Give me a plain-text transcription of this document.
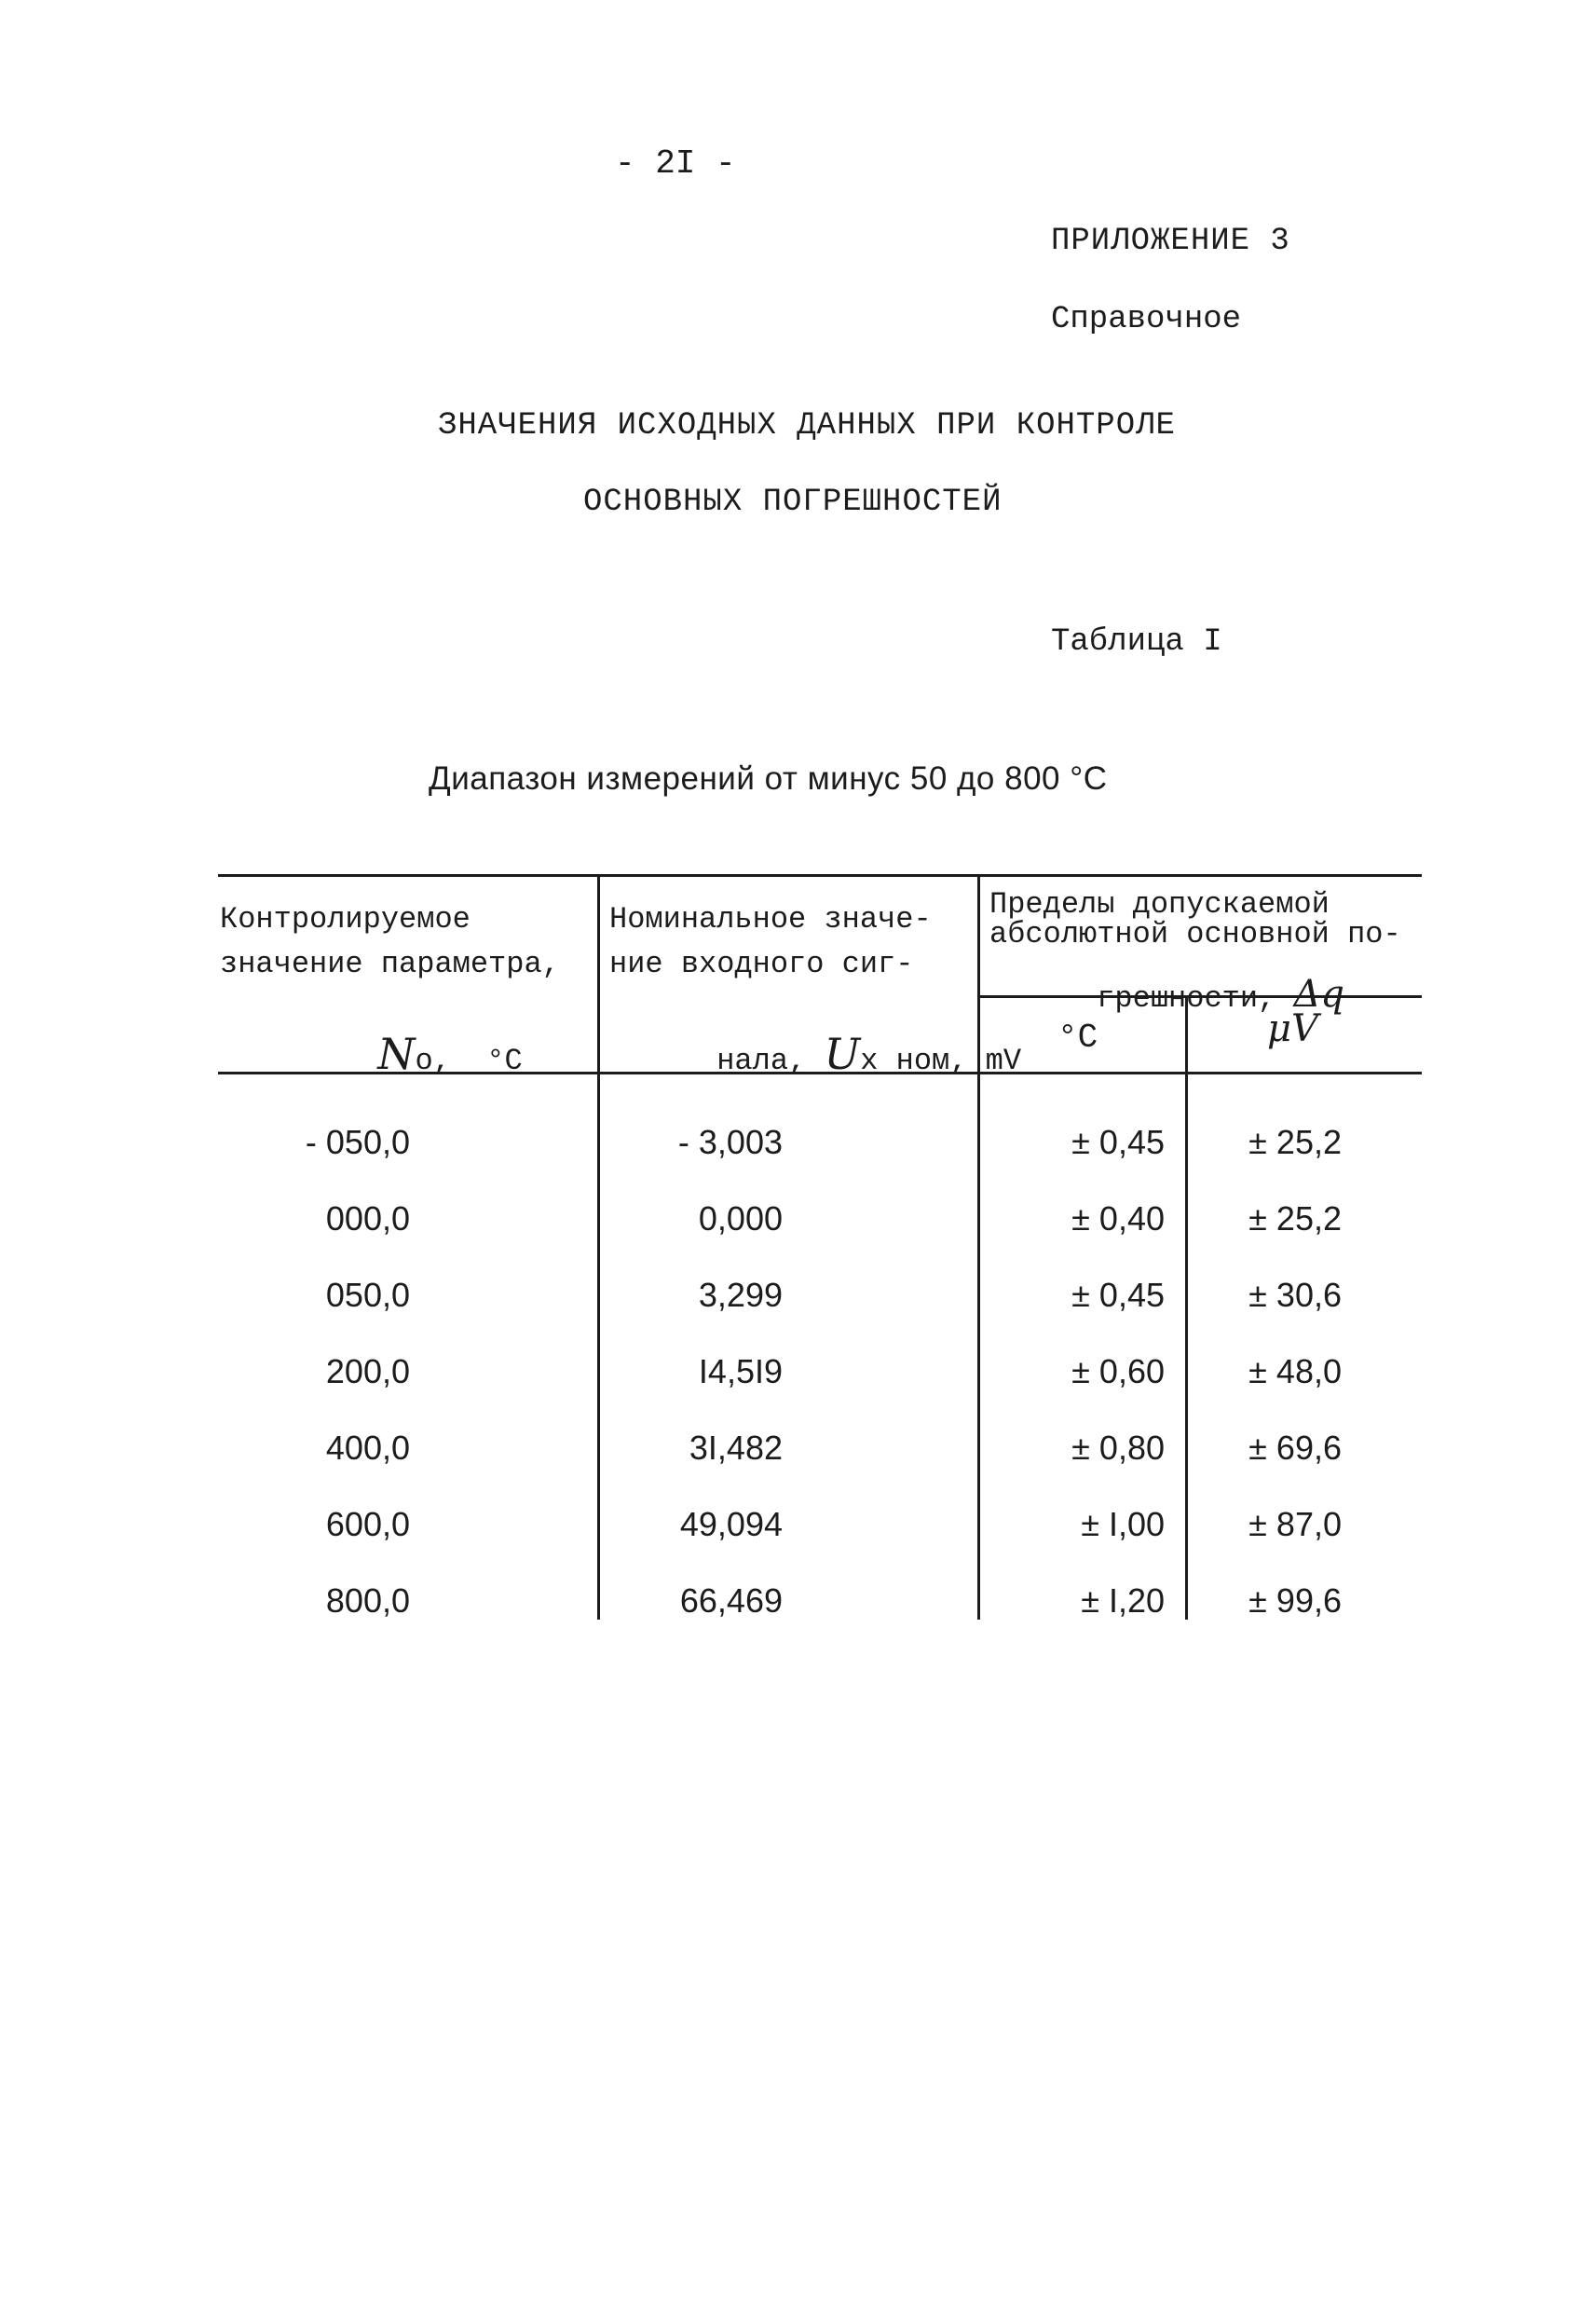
- 2I -
ПРИЛОЖЕНИЕ 3
Справочное
ЗНАЧЕНИЯ ИСХОДНЫХ ДАННЫХ ПРИ КОНТРОЛЕ
ОСНОВНЫХ ПОГРЕШНОСТЕЙ
Таблица I
Диапазон измерений от минус 50 до 800 °С
Контролируемое
значение параметра,

No,  °С

Номинальное значе-
ние входного сиг-

нала, Uх ном, mV

Пределы допускаемой
абсолютной основной по-

грешности, Δq

°С	μV
- 050,0	- 3,003	± 0,45	± 25,2
000,0	0,000	± 0,40	± 25,2
050,0	3,299	± 0,45	± 30,6
200,0	I4,5I9	± 0,60	± 48,0
400,0	3I,482	± 0,80	± 69,6
600,0	49,094	± I,00	± 87,0
800,0	66,469	± I,20	± 99,6
